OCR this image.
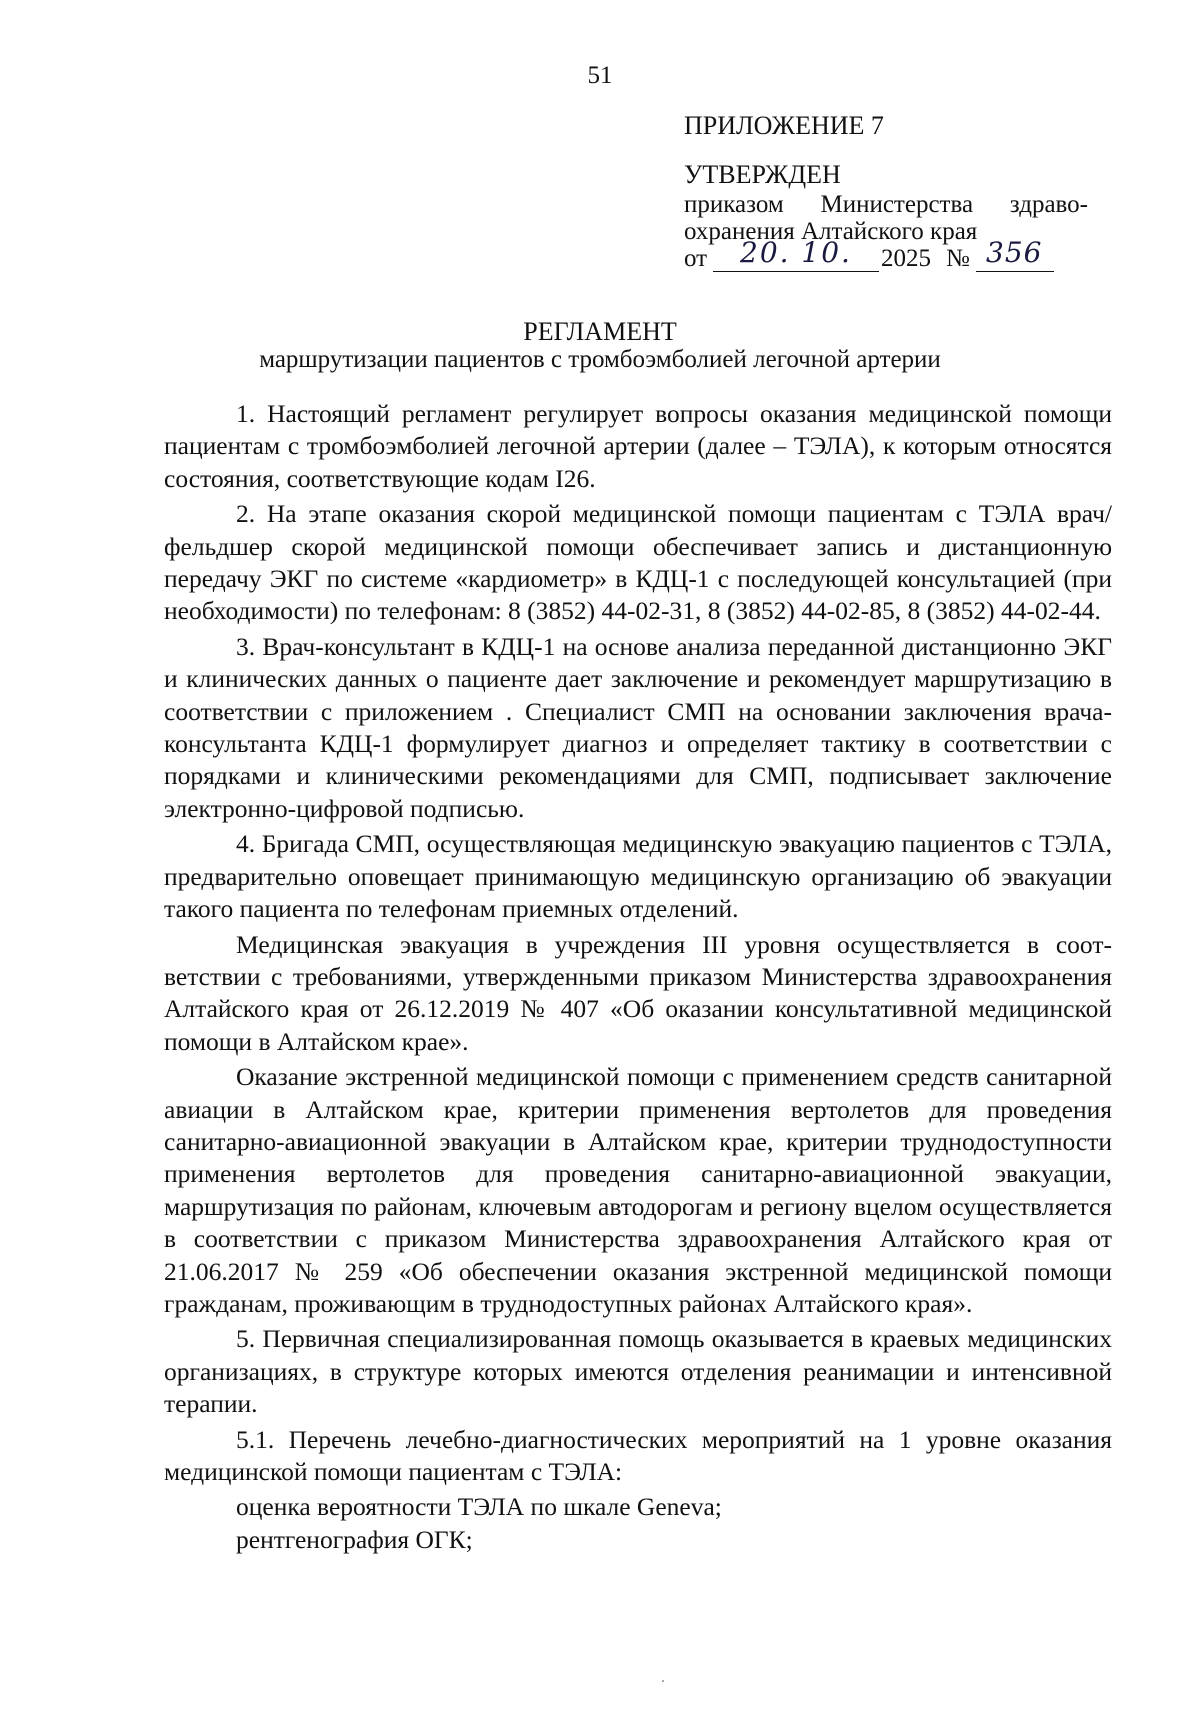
51

ПРИЛОЖЕНИЕ 7

УТВЕРЖДЕН

приказом Министерства здраво-

охранения Алтайского края

от 20. 10. 2025 № 356
РЕГЛАМЕНТ
маршрутизации пациентов с тромбоэмболией легочной артерии

1. Настоящий регламент регулирует вопросы оказания медицинской помощи пациентам с тромбоэмболией легочной артерии (далее – ТЭЛА), к которым относятся состояния, соответствующие кодам I26.

2. На этапе оказания скорой медицинской помощи пациентам с ТЭЛА врач/фельдшер скорой медицинской помощи обеспечивает запись и дистанционную передачу ЭКГ по системе «кардиометр» в КДЦ-1 с последующей консультацией (при необходимости) по телефонам: 8 (3852) 44-02-31, 8 (3852) 44-02-85, 8 (3852) 44-02-44.

3. Врач-консультант в КДЦ-1 на основе анализа переданной дистанционно ЭКГ и клинических данных о пациенте дает заключение и рекомендует маршрутизацию в соответствии с приложением . Специалист СМП на основании заключения врача-консультанта КДЦ-1 формулирует диагноз и определяет тактику в соответствии с порядками и клиническими рекомендациями для СМП, подписывает заключение электронно-цифровой подписью.

4. Бригада СМП, осуществляющая медицинскую эвакуацию пациентов с ТЭЛА, предварительно оповещает принимающую медицинскую организацию об эвакуации такого пациента по телефонам приемных отделений.

Медицинская эвакуация в учреждения III уровня осуществляется в соответствии с требованиями, утвержденными приказом Министерства здравоохранения Алтайского края от 26.12.2019 № 407 «Об оказании консультативной медицинской помощи в Алтайском крае».

Оказание экстренной медицинской помощи с применением средств санитарной авиации в Алтайском крае, критерии применения вертолетов для проведения санитарно-авиационной эвакуации в Алтайском крае, критерии труднодоступности применения вертолетов для проведения санитарно-авиационной эвакуации, маршрутизация по районам, ключевым автодорогам и региону вцелом осуществляется в соответствии с приказом Министерства здравоохранения Алтайского края от 21.06.2017 № 259 «Об обеспечении оказания экстренной медицинской помощи гражданам, проживающим в труднодоступных районах Алтайского края».

5. Первичная специализированная помощь оказывается в краевых медицинских организациях, в структуре которых имеются отделения реанимации и интенсивной терапии.

5.1. Перечень лечебно-диагностических мероприятий на 1 уровне оказания медицинской помощи пациентам с ТЭЛА:

оценка вероятности ТЭЛА по шкале Geneva;

рентгенография ОГК;
